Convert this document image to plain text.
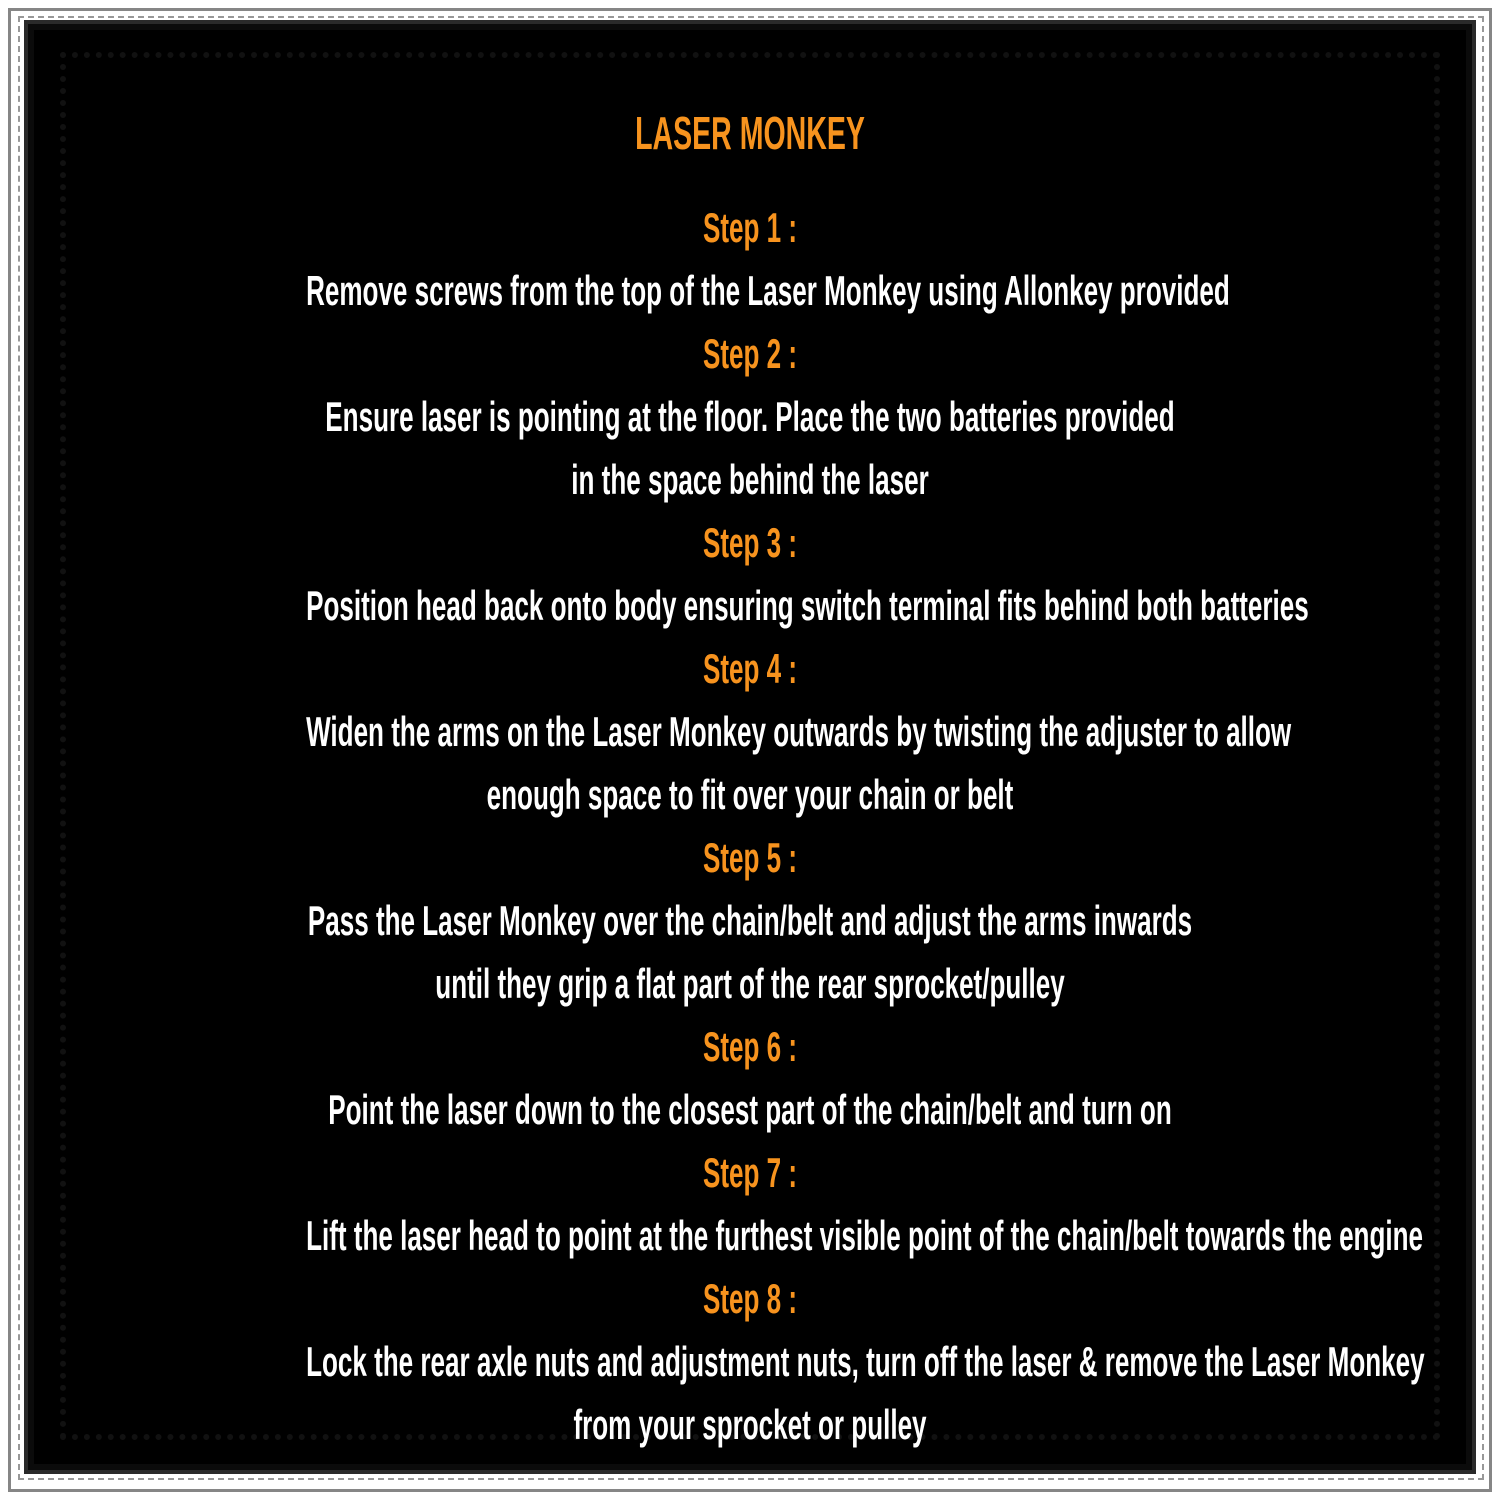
LASER MONKEY
Step 1 :
Remove screws from the top of the Laser Monkey using Allonkey provided
Step 2 :
Ensure laser is pointing at the floor. Place the two batteries provided
in the space behind the laser
Step 3 :
Position head back onto body ensuring switch terminal fits behind both batteries
Step 4 :
Widen the arms on the Laser Monkey outwards by twisting the adjuster to allow
enough space to fit over your chain or belt
Step 5 :
Pass the Laser Monkey over the chain/belt and adjust the arms inwards
until they grip a flat part of the rear sprocket/pulley
Step 6 :
Point the laser down to the closest part of the chain/belt and turn on
Step 7 :
Lift the laser head to point at the furthest visible point of the chain/belt towards the engine
Step 8 :
Lock the rear axle nuts and adjustment nuts, turn off the laser & remove the Laser Monkey
from your sprocket or pulley
